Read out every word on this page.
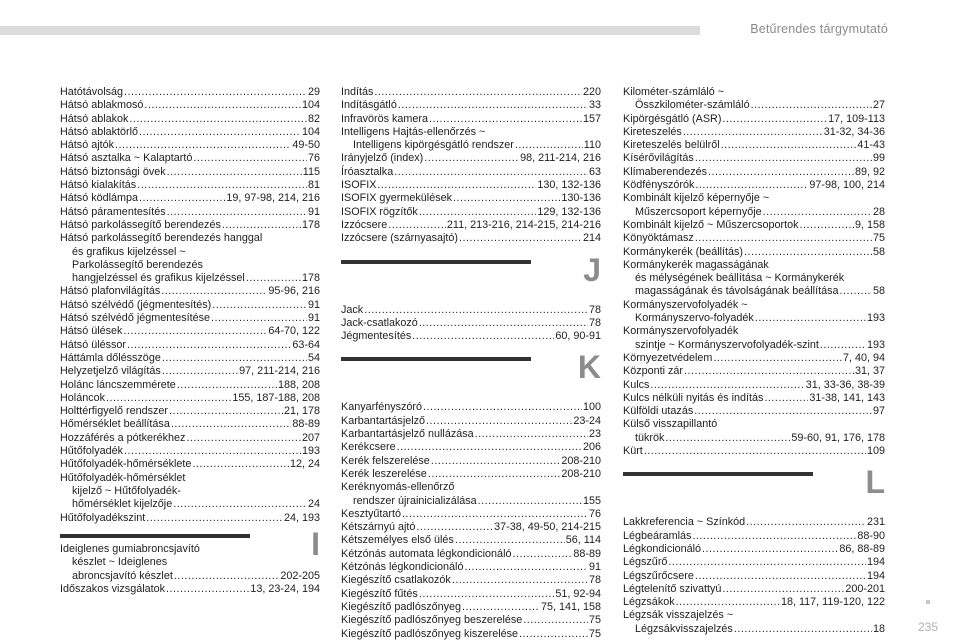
Betűrendes tárgymutató
Hatótávolság .....	29
Hátsó ablakmosó .....	104
Hátsó ablakok .....	82
Hátsó ablaktörlő .....	104
Hátsó ajtók .....	49-50
Hátsó asztalka ~ Kalaptartó .....	76
Hátsó biztonsági övek .....	115
Hátsó kialakítás .....	81
Hátsó ködlámpa .....	19, 97-98, 214, 216
Hátsó páramentesítés .....	91
Hátsó parkolássegítő berendezés .....	178
Hátsó parkolássegítő berendezés hanggal
és grafikus kijelzéssel ~
Parkolássegítő berendezés
hangjelzéssel és grafikus kijelzéssel .....	178
Hátsó plafonvilágítás .....	95-96, 216
Hátsó szélvédő (jégmentesítés) .....	91
Hátsó szélvédő jégmentesítése .....	91
Hátsó ülések .....	64-70, 122
Hátsó üléssor .....	63-64
Háttámla dőlésszöge .....	54
Helyzetjelző világítás .....	97, 211-214, 216
Holánc láncszemmérete .....	188, 208
Holáncok .....	155, 187-188, 208
Holttérfigyelő rendszer .....	21, 178
Hőmérséklet beállítása .....	88-89
Hozzáférés a pótkerékhez .....	207
Hűtőfolyadék .....	193
Hűtőfolyadék-hőmérséklete .....	12, 24
Hűtőfolyadék-hőmérséklet
kijelző ~ Hűtőfolyadék-
hőmérséklet kijelzője .....	24
Hűtőfolyadékszint .....	24, 193
I
Ideiglenes gumiabroncsjavító
készlet ~ Ideiglenes
abroncsjavító készlet .....	202-205
Időszakos vizsgálatok .....	13, 23-24, 194
Indítás .....	220
Indításgátló .....	33
Infravörös kamera .....	157
Intelligens Hajtás-ellenőrzés ~
Intelligens kipörgésgátló rendszer .....	110
Irányjelző (index) .....	98, 211-214, 216
Íróasztalka .....	63
ISOFIX .....	130, 132-136
ISOFIX gyermekülések .....	130-136
ISOFIX rögzítők .....	129, 132-136
Izzócsere .....	211, 213-216, 214-215, 214-216
Izzócsere (szárnyasajtó) .....	214
J
Jack .....	78
Jack-csatlakozó .....	78
Jégmentesítés .....	60, 90-91
K
Kanyarfényszóró .....	100
Karbantartásjelző .....	23-24
Karbantartásjelző nullázása .....	23
Kerékcsere .....	206
Kerék felszerelése .....	208-210
Kerék leszerelése .....	208-210
Keréknyomás-ellenőrző
rendszer újrainicializálása .....	155
Kesztyűtartó .....	76
Kétszárnyú ajtó .....	37-38, 49-50, 214-215
Kétszemélyes első ülés .....	56, 114
Kétzónás automata légkondicionáló .....	88-89
Kétzónás légkondicionáló .....	91
Kiegészítő csatlakozók .....	78
Kiegészítő fűtés .....	51, 92-94
Kiegészítő padlószőnyeg .....	75, 141, 158
Kiegészítő padlószőnyeg beszerelése .....	75
Kiegészítő padlószőnyeg kiszerelése .....	75
Kilométer-számláló ~
Összkilométer-számláló .....	27
Kipörgésgátló (ASR) .....	17, 109-113
Kireteszelés .....	31-32, 34-36
Kireteszelés belülről .....	41-43
Kísérővilágítás .....	99
Klímaberendezés .....	89, 92
Ködfényszórók .....	97-98, 100, 214
Kombinált kijelző képernyője ~
Műszercsoport képernyője .....	28
Kombinált kijelző ~ Műszercsoportok .....	9, 158
Könyöktámasz .....	75
Kormánykerék (beállítás) .....	58
Kormánykerék magasságának
és mélységének beállítása ~ Kormánykerék
magasságának és távolságának beállítása .....	58
Kormányszervofolyadék ~
Kormányszervo-folyadék .....	193
Kormányszervofolyadék
szintje ~ Kormányszervofolyadék-szint .....	193
Környezetvédelem .....	7, 40, 94
Központi zár .....	31, 37
Kulcs .....	31, 33-36, 38-39
Kulcs nélküli nyitás és indítás .....	31-38, 141, 143
Külföldi utazás .....	97
Külső visszapillantó
tükrök .....	59-60, 91, 176, 178
Kürt .....	109
L
Lakkreferencia ~ Színkód .....	231
Légbeáramlás .....	88-90
Légkondicionáló .....	86, 88-89
Légszűrő .....	194
Légszűrőcsere .....	194
Légtelenítő szivattyú .....	200-201
Légzsákok .....	18, 117, 119-120, 122
Légzsák visszajelzés ~
Légzsákvisszajelzés .....	18	235
